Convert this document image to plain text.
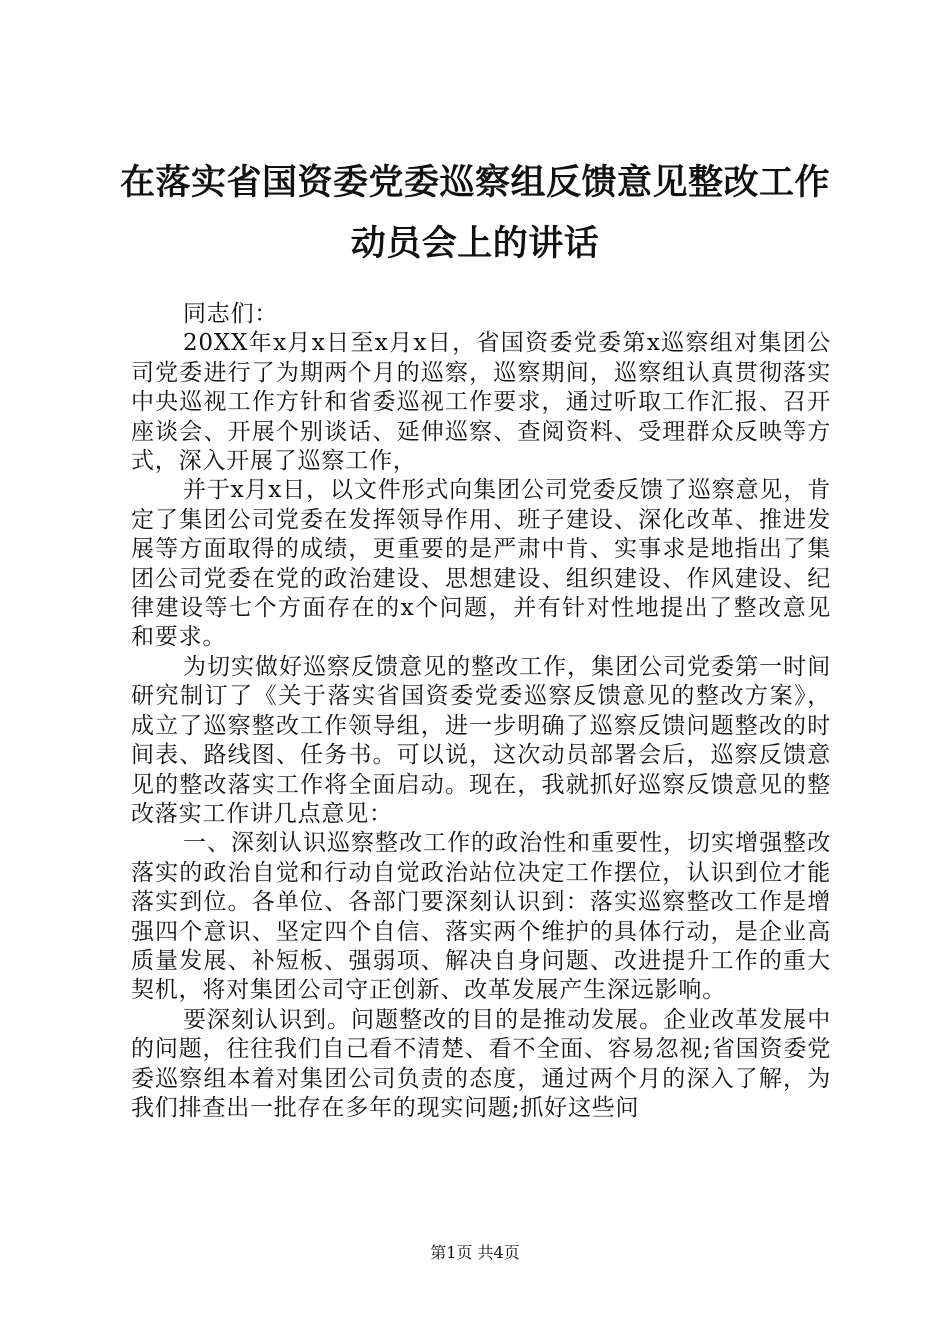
在落实省国资委党委巡察组反馈意见整改工作
动员会上的讲话

同志们：

20XX年x月x日至x月x日，省国资委党委第x巡察组对集团公司党委进行了为期两个月的巡察，巡察期间，巡察组认真贯彻落实中央巡视工作方针和省委巡视工作要求，通过听取工作汇报、召开座谈会、开展个别谈话、延伸巡察、查阅资料、受理群众反映等方式，深入开展了巡察工作，

并于x月x日，以文件形式向集团公司党委反馈了巡察意见，肯定了集团公司党委在发挥领导作用、班子建设、深化改革、推进发展等方面取得的成绩，更重要的是严肃中肯、实事求是地指出了集团公司党委在党的政治建设、思想建设、组织建设、作风建设、纪律建设等七个方面存在的x个问题，并有针对性地提出了整改意见和要求。

为切实做好巡察反馈意见的整改工作，集团公司党委第一时间研究制订了《关于落实省国资委党委巡察反馈意见的整改方案》，成立了巡察整改工作领导组，进一步明确了巡察反馈问题整改的时间表、路线图、任务书。可以说，这次动员部署会后，巡察反馈意见的整改落实工作将全面启动。现在，我就抓好巡察反馈意见的整改落实工作讲几点意见：

一、深刻认识巡察整改工作的政治性和重要性，切实增强整改落实的政治自觉和行动自觉政治站位决定工作摆位，认识到位才能落实到位。各单位、各部门要深刻认识到：落实巡察整改工作是增强四个意识、坚定四个自信、落实两个维护的具体行动，是企业高质量发展、补短板、强弱项、解决自身问题、改进提升工作的重大契机，将对集团公司守正创新、改革发展产生深远影响。

要深刻认识到。问题整改的目的是推动发展。企业改革发展中的问题，往往我们自己看不清楚、看不全面、容易忽视;省国资委党委巡察组本着对集团公司负责的态度，通过两个月的深入了解，为我们排查出一批存在多年的现实问题;抓好这些问

第1页 共4页
